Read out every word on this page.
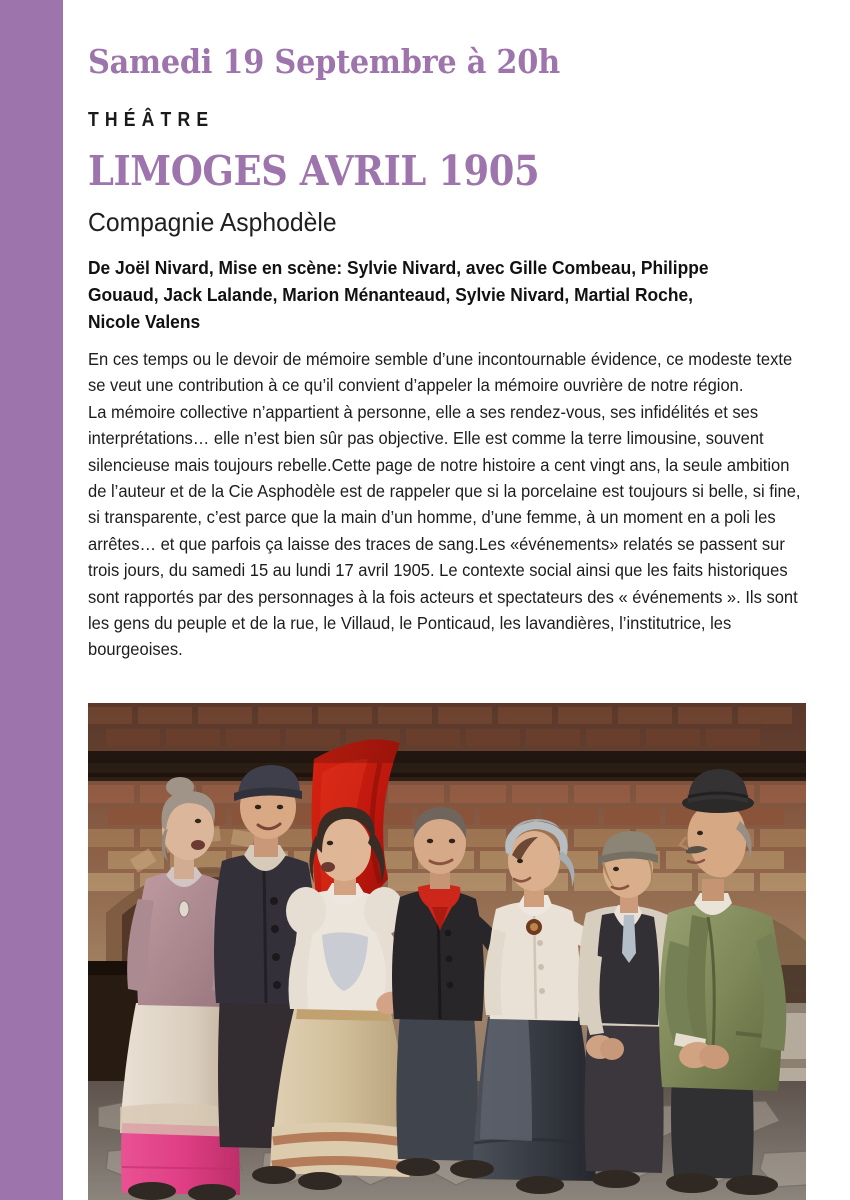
Samedi 19 Septembre à 20h
THÉÂTRE
LIMOGES AVRIL 1905
Compagnie Asphodèle
De Joël Nivard, Mise en scène: Sylvie Nivard, avec Gille Combeau, Philippe Gouaud, Jack Lalande, Marion Ménanteaud, Sylvie Nivard, Martial Roche, Nicole Valens

En ces temps ou le devoir de mémoire semble d’une incontournable évidence, ce modeste texte se veut une contribution à ce qu’il convient d’appeler la mémoire ouvrière de notre région.

La mémoire collective n’appartient à personne, elle a ses rendez-vous, ses infidélités et ses interprétations… elle n’est bien sûr pas objective. Elle est comme la terre limousine, souvent silencieuse mais toujours rebelle.Cette page de notre histoire a cent vingt ans, la seule ambition de l’auteur et de la Cie Asphodèle est de rappeler que si la porcelaine est toujours si belle, si fine, si transparente, c’est parce que la main d’un homme, d’une femme, à un moment en a poli les arrêtes… et que parfois ça laisse des traces de sang.Les «événements» relatés se passent sur trois jours, du samedi 15 au lundi 17 avril 1905. Le contexte social ainsi que les faits historiques sont rapportés par des personnages à la fois acteurs et spectateurs des « événements ». Ils sont les gens du peuple et de la rue, le Villaud, le Ponticaud, les lavandières, l’institutrice, les bourgeoises.
